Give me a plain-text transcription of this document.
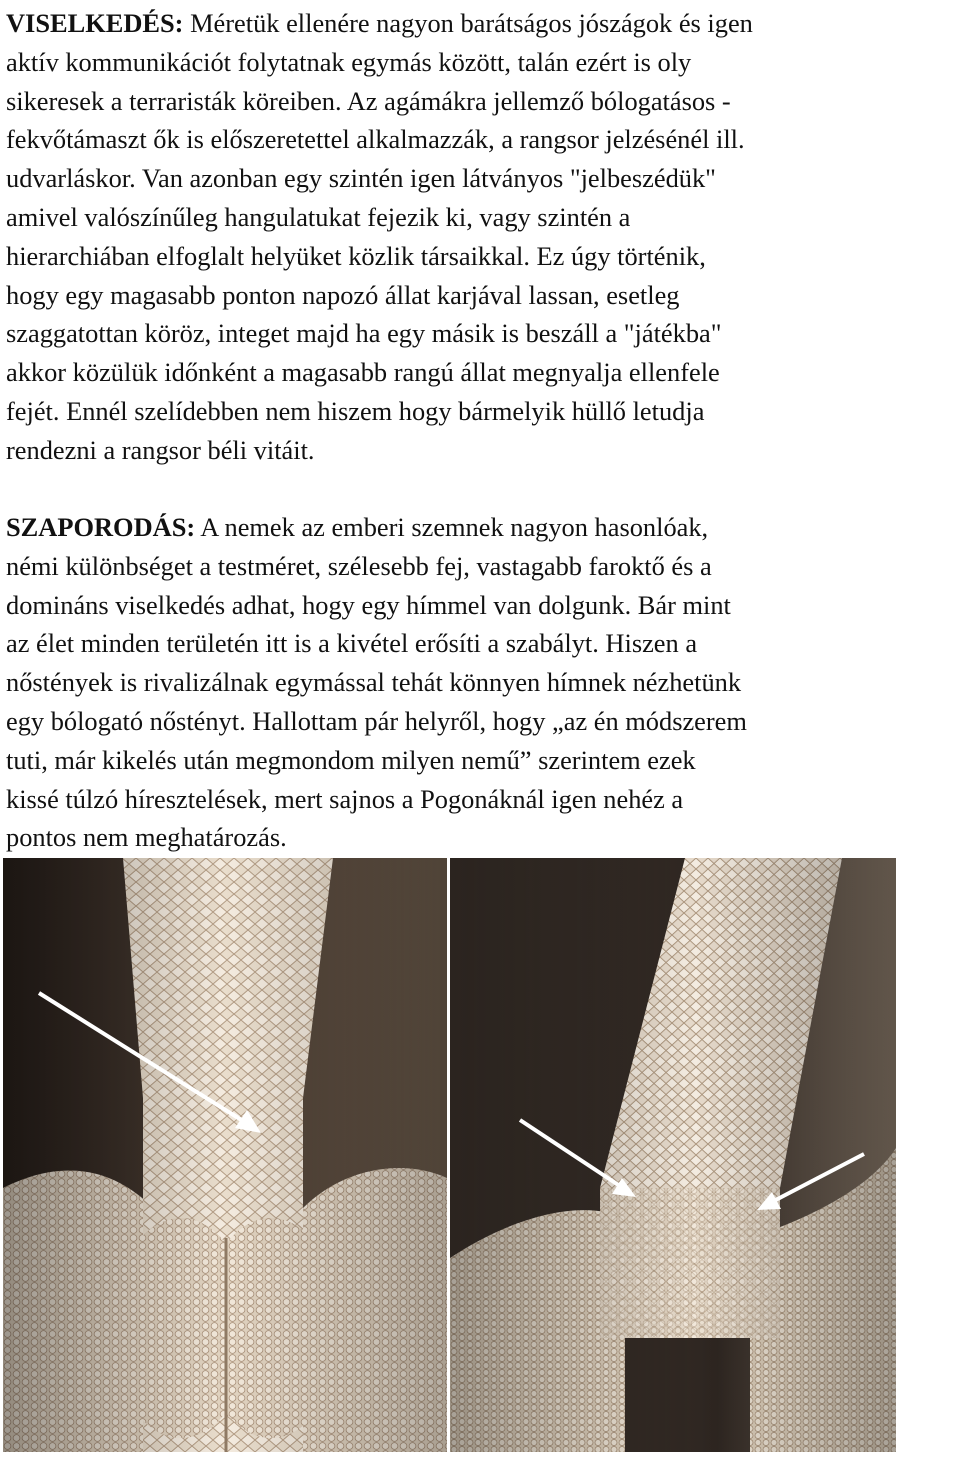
VISELKEDÉS: Méretük ellenére nagyon barátságos jószágok és igen
aktív kommunikációt folytatnak egymás között, talán ezért is oly
sikeresek a terraristák köreiben. Az agámákra jellemző bólogatásos -
fekvőtámaszt ők is előszeretettel alkalmazzák, a rangsor jelzésénél ill.
udvarláskor. Van azonban egy szintén igen látványos "jelbeszédük"
amivel valószínűleg hangulatukat fejezik ki, vagy szintén a
hierarchiában elfoglalt helyüket közlik társaikkal. Ez úgy történik,
hogy egy magasabb ponton napozó állat karjával lassan, esetleg
szaggatottan köröz, integet majd ha egy másik is beszáll a "játékba"
akkor közülük időnként a magasabb rangú állat megnyalja ellenfele
fejét. Ennél szelídebben nem hiszem hogy bármelyik hüllő letudja
rendezni a rangsor béli vitáit.

SZAPORODÁS: A nemek az emberi szemnek nagyon hasonlóak,
némi különbséget a testméret, szélesebb fej, vastagabb faroktő és a
domináns viselkedés adhat, hogy egy hímmel van dolgunk. Bár mint
az élet minden területén itt is a kivétel erősíti a szabályt. Hiszen a
nőstények is rivalizálnak egymással tehát könnyen hímnek nézhetünk
egy bólogató nőstényt. Hallottam pár helyről, hogy „az én módszerem
tuti, már kikelés után megmondom milyen nemű” szerintem ezek
kissé túlzó híresztelések, mert sajnos a Pogonáknál igen nehéz a
pontos nem meghatározás.
